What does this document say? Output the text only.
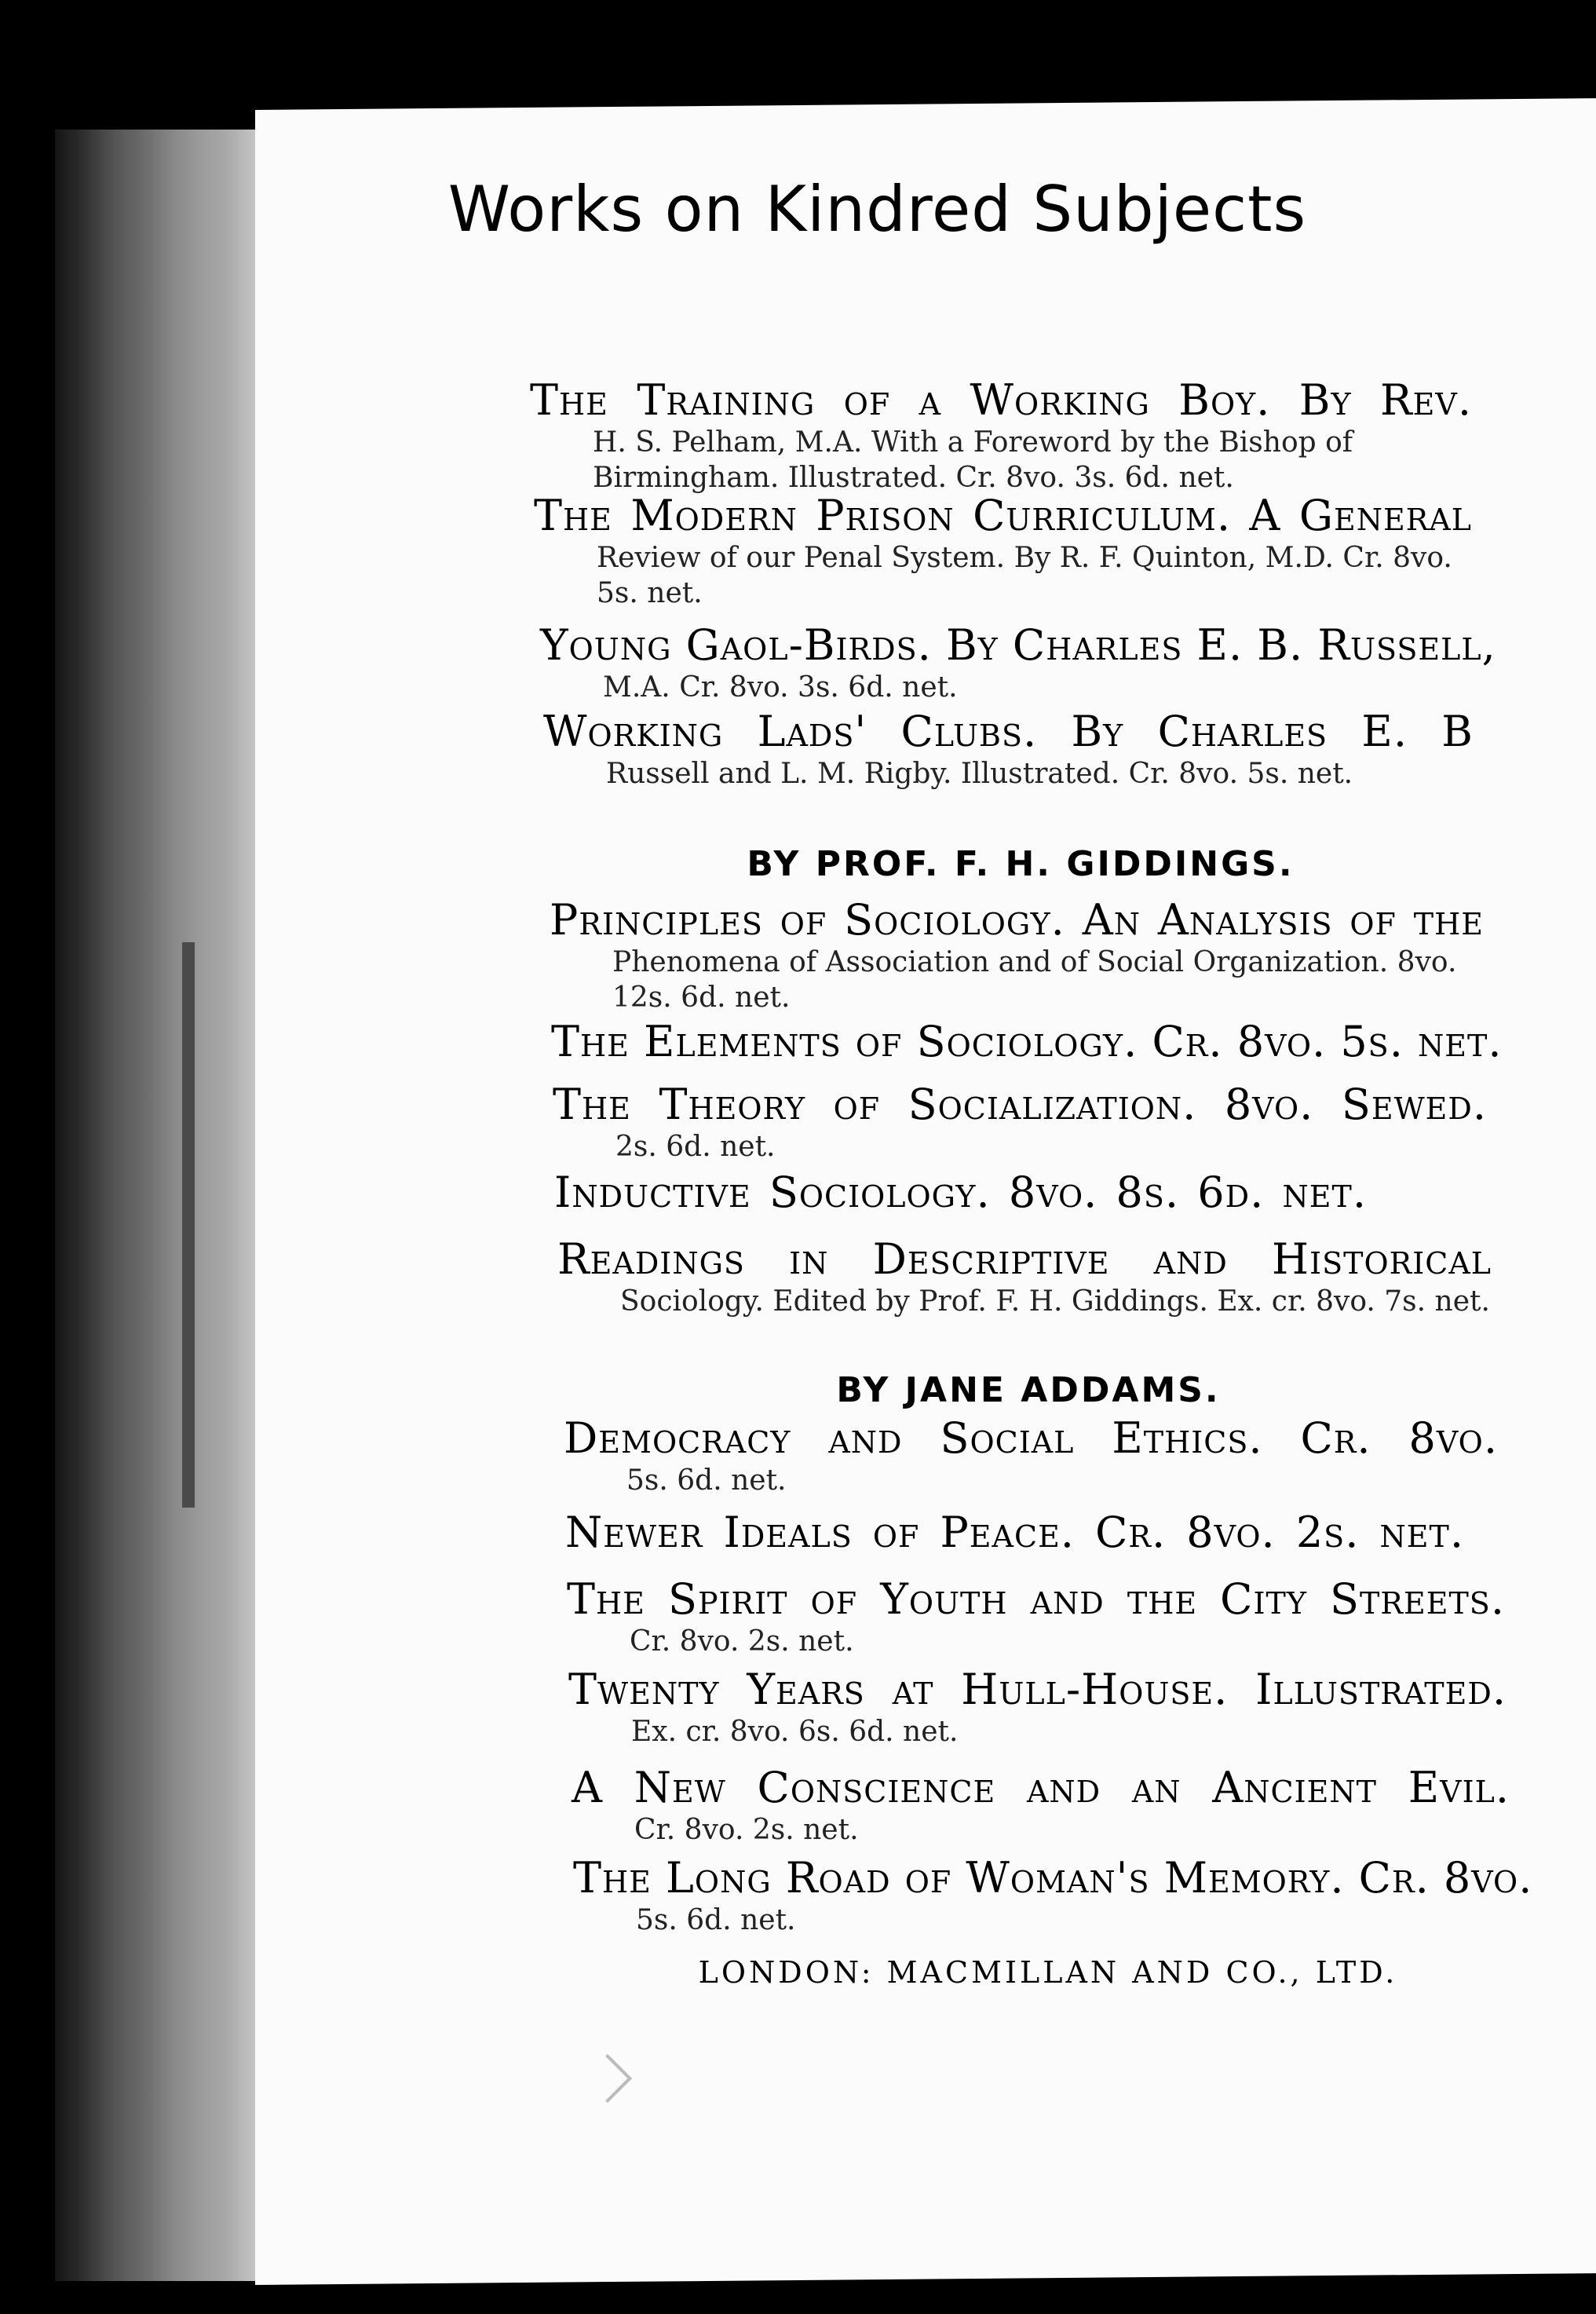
Works on Kindred Subjects
The Training of a Working Boy. By Rev.
H. S. Pelham, M.A. With a Foreword by the Bishop of Birmingham. Illustrated. Cr. 8vo. 3s. 6d. net.
The Modern Prison Curriculum. A General
Review of our Penal System. By R. F. Quinton, M.D. Cr. 8vo. 5s. net.
Young Gaol-Birds. By Charles E. B. Russell,
M.A. Cr. 8vo. 3s. 6d. net.
Working Lads' Clubs. By Charles E. B
Russell and L. M. Rigby. Illustrated. Cr. 8vo. 5s. net.
BY PROF. F. H. GIDDINGS.
Principles of Sociology. An Analysis of the
Phenomena of Association and of Social Organization. 8vo. 12s. 6d. net.
The Elements of Sociology. Cr. 8vo. 5s. net.
The Theory of Socialization. 8vo. Sewed.
2s. 6d. net.
Inductive Sociology. 8vo. 8s. 6d. net.
Readings in Descriptive and Historical
Sociology. Edited by Prof. F. H. Giddings. Ex. cr. 8vo. 7s. net.
BY JANE ADDAMS.
Democracy and Social Ethics. Cr. 8vo.
5s. 6d. net.
Newer Ideals of Peace. Cr. 8vo. 2s. net.
The Spirit of Youth and the City Streets.
Cr. 8vo. 2s. net.
Twenty Years at Hull-House. Illustrated.
Ex. cr. 8vo. 6s. 6d. net.
A New Conscience and an Ancient Evil.
Cr. 8vo. 2s. net.
The Long Road of Woman's Memory. Cr. 8vo.
5s. 6d. net.

LONDON: MACMILLAN AND CO., LTD.
